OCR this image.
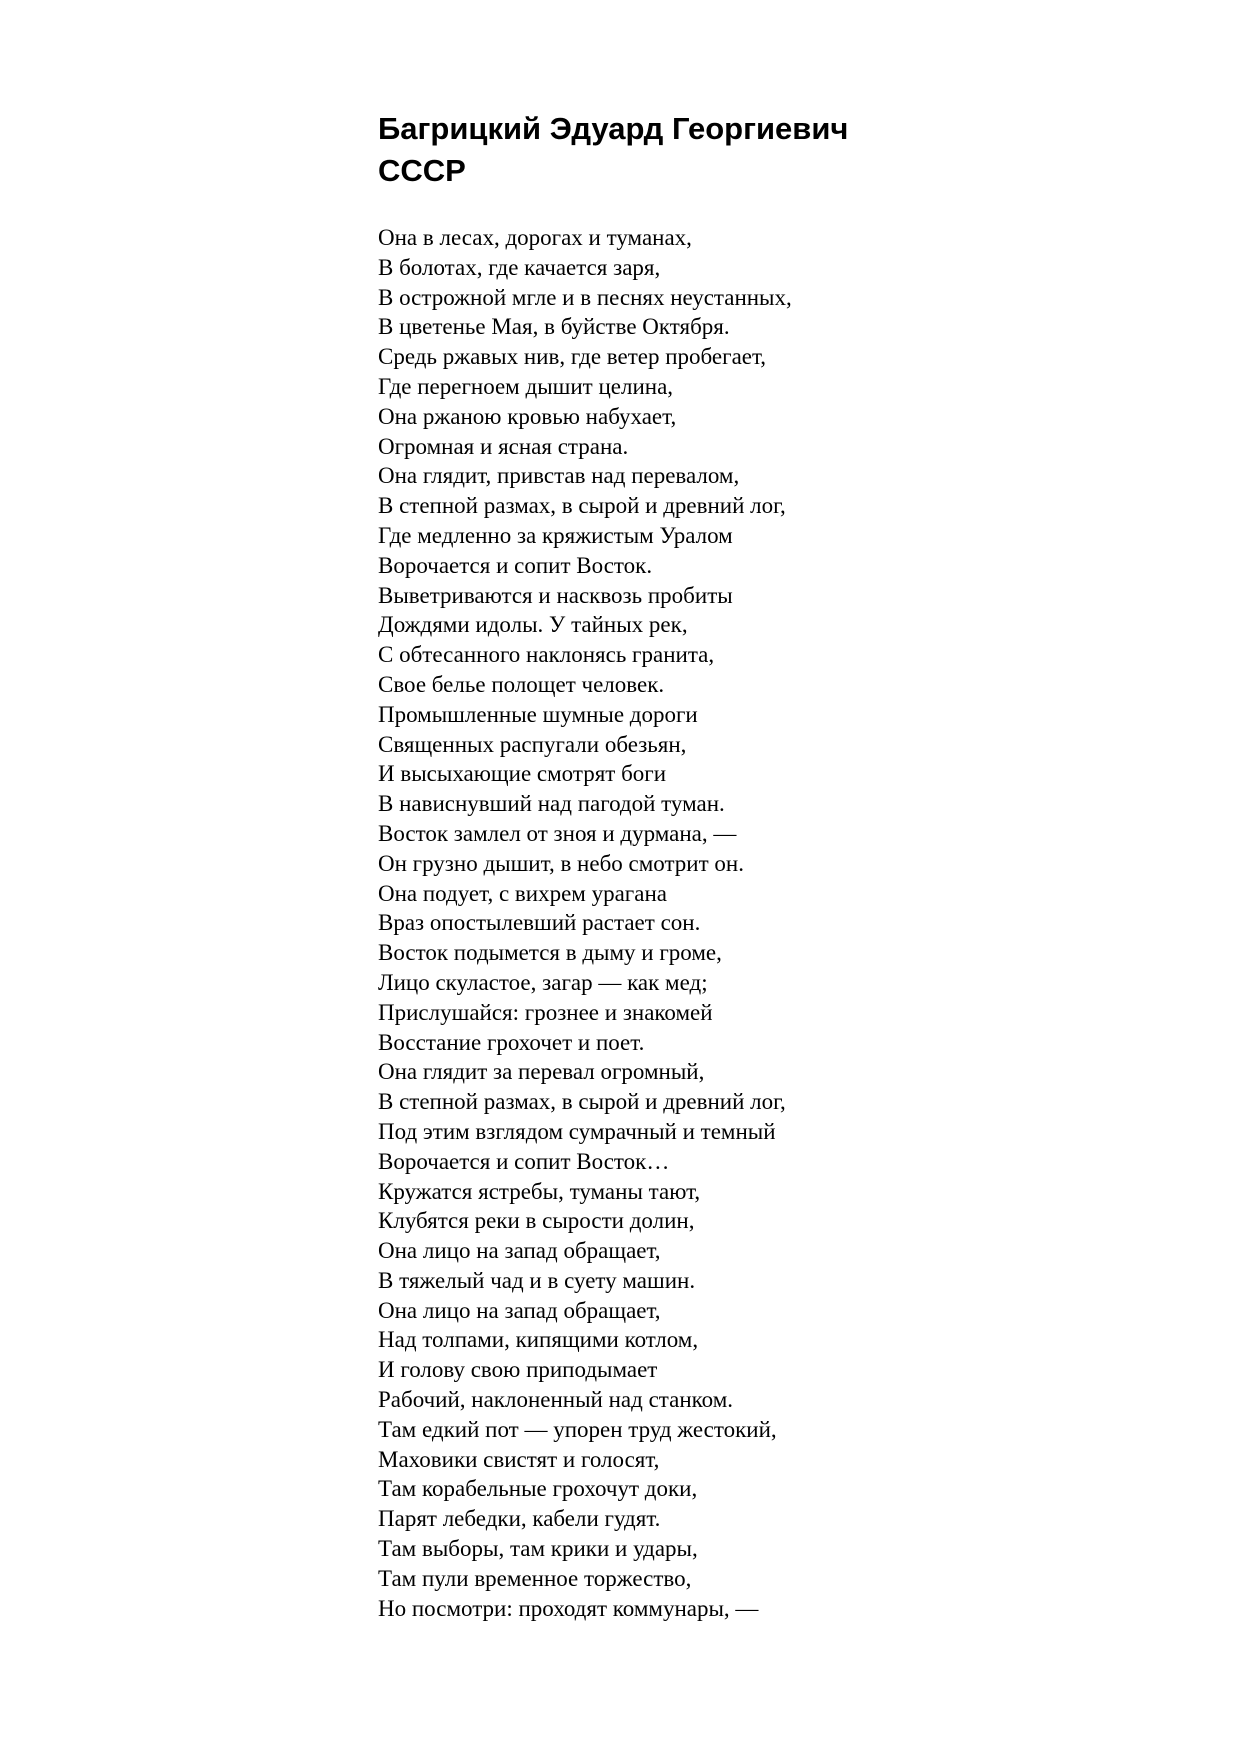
Багрицкий Эдуард Георгиевич
СССР
Она в лесах, дорогах и туманах,
В болотах, где качается заря,
В острожной мгле и в песнях неустанных,
В цветенье Мая, в буйстве Октября.
Средь ржавых нив, где ветер пробегает,
Где перегноем дышит целина,
Она ржаною кровью набухает,
Огромная и ясная страна.
Она глядит, привстав над перевалом,
В степной размах, в сырой и древний лог,
Где медленно за кряжистым Уралом
Ворочается и сопит Восток.
Выветриваются и насквозь пробиты
Дождями идолы. У тайных рек,
С обтесанного наклонясь гранита,
Свое белье полощет человек.
Промышленные шумные дороги
Священных распугали обезьян,
И высыхающие смотрят боги
В нависнувший над пагодой туман.
Восток замлел от зноя и дурмана, —
Он грузно дышит, в небо смотрит он.
Она подует, с вихрем урагана
Враз опостылевший растает сон.
Восток подымется в дыму и громе,
Лицо скуластое, загар — как мед;
Прислушайся: грознее и знакомей
Восстание грохочет и поет.
Она глядит за перевал огромный,
В степной размах, в сырой и древний лог,
Под этим взглядом сумрачный и темный
Ворочается и сопит Восток…
Кружатся ястребы, туманы тают,
Клубятся реки в сырости долин,
Она лицо на запад обращает,
В тяжелый чад и в суету машин.
Она лицо на запад обращает,
Над толпами, кипящими котлом,
И голову свою приподымает
Рабочий, наклоненный над станком.
Там едкий пот — упорен труд жестокий,
Маховики свистят и голосят,
Там корабельные грохочут доки,
Парят лебедки, кабели гудят.
Там выборы, там крики и удары,
Там пули временное торжество,
Но посмотри: проходят коммунары, —
